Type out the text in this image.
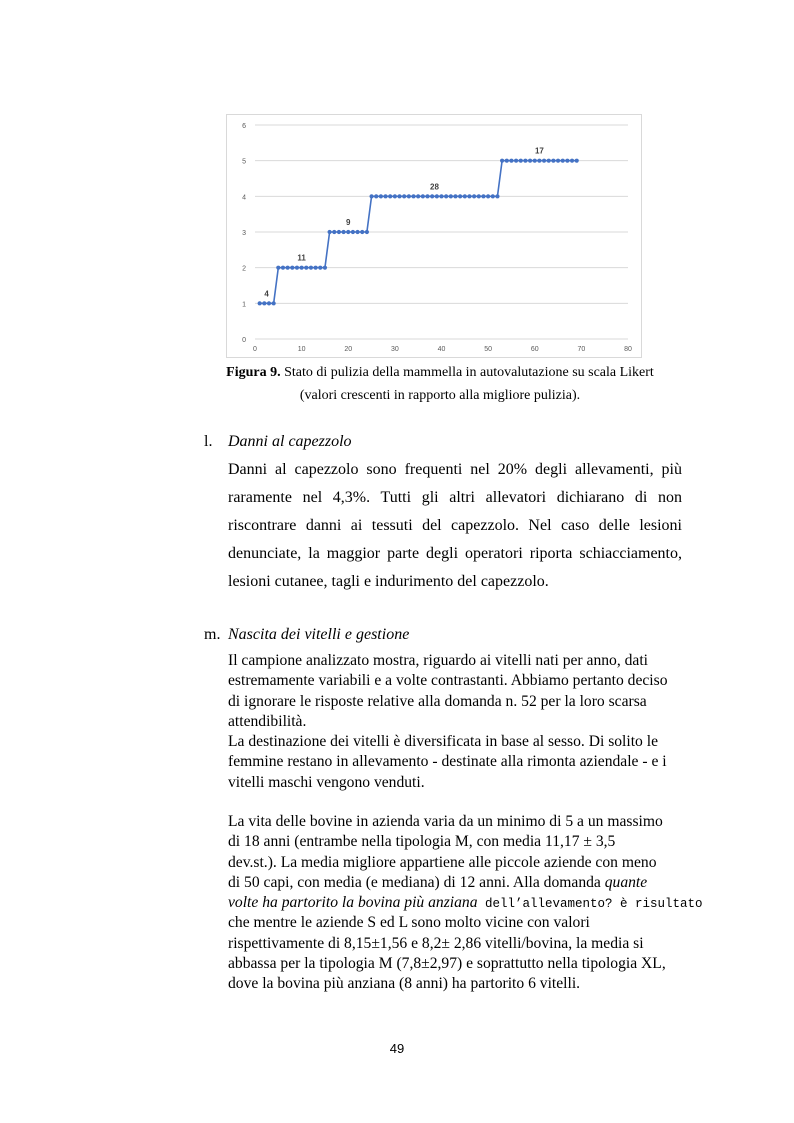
0
1
2
3
4
5
6
0	10	20	30	40	50	60	70	80
4
11
9
28
17
Figura 9. Stato di pulizia della mammella in autovalutazione su scala Likert
(valori crescenti in rapporto alla migliore pulizia).
l. Danni al capezzolo
Danni al capezzolo sono frequenti nel 20% degli allevamenti, più
raramente nel 4,3%. Tutti gli altri allevatori dichiarano di non
riscontrare danni ai tessuti del capezzolo. Nel caso delle lesioni
denunciate, la maggior parte degli operatori riporta schiacciamento,
lesioni cutanee, tagli e indurimento del capezzolo.
m. Nascita dei vitelli e gestione
Il campione analizzato mostra, riguardo ai vitelli nati per anno, dati
estremamente variabili e a volte contrastanti. Abbiamo pertanto deciso
di ignorare le risposte relative alla domanda n. 52 per la loro scarsa
attendibilità.
La destinazione dei vitelli è diversificata in base al sesso. Di solito le
femmine restano in allevamento - destinate alla rimonta aziendale - e i
vitelli maschi vengono venduti.
La vita delle bovine in azienda varia da un minimo di 5 a un massimo
di 18 anni (entrambe nella tipologia M, con media 11,17 ± 3,5
dev.st.). La media migliore appartiene alle piccole aziende con meno
di 50 capi, con media (e mediana) di 12 anni. Alla domanda quante
volte ha partorito la bovina più anziana dell’allevamento? è risultato
che mentre le aziende S ed L sono molto vicine con valori
rispettivamente di 8,15±1,56 e 8,2± 2,86 vitelli/bovina, la media si
abbassa per la tipologia M (7,8±2,97) e soprattutto nella tipologia XL,
dove la bovina più anziana (8 anni) ha partorito 6 vitelli.
49
